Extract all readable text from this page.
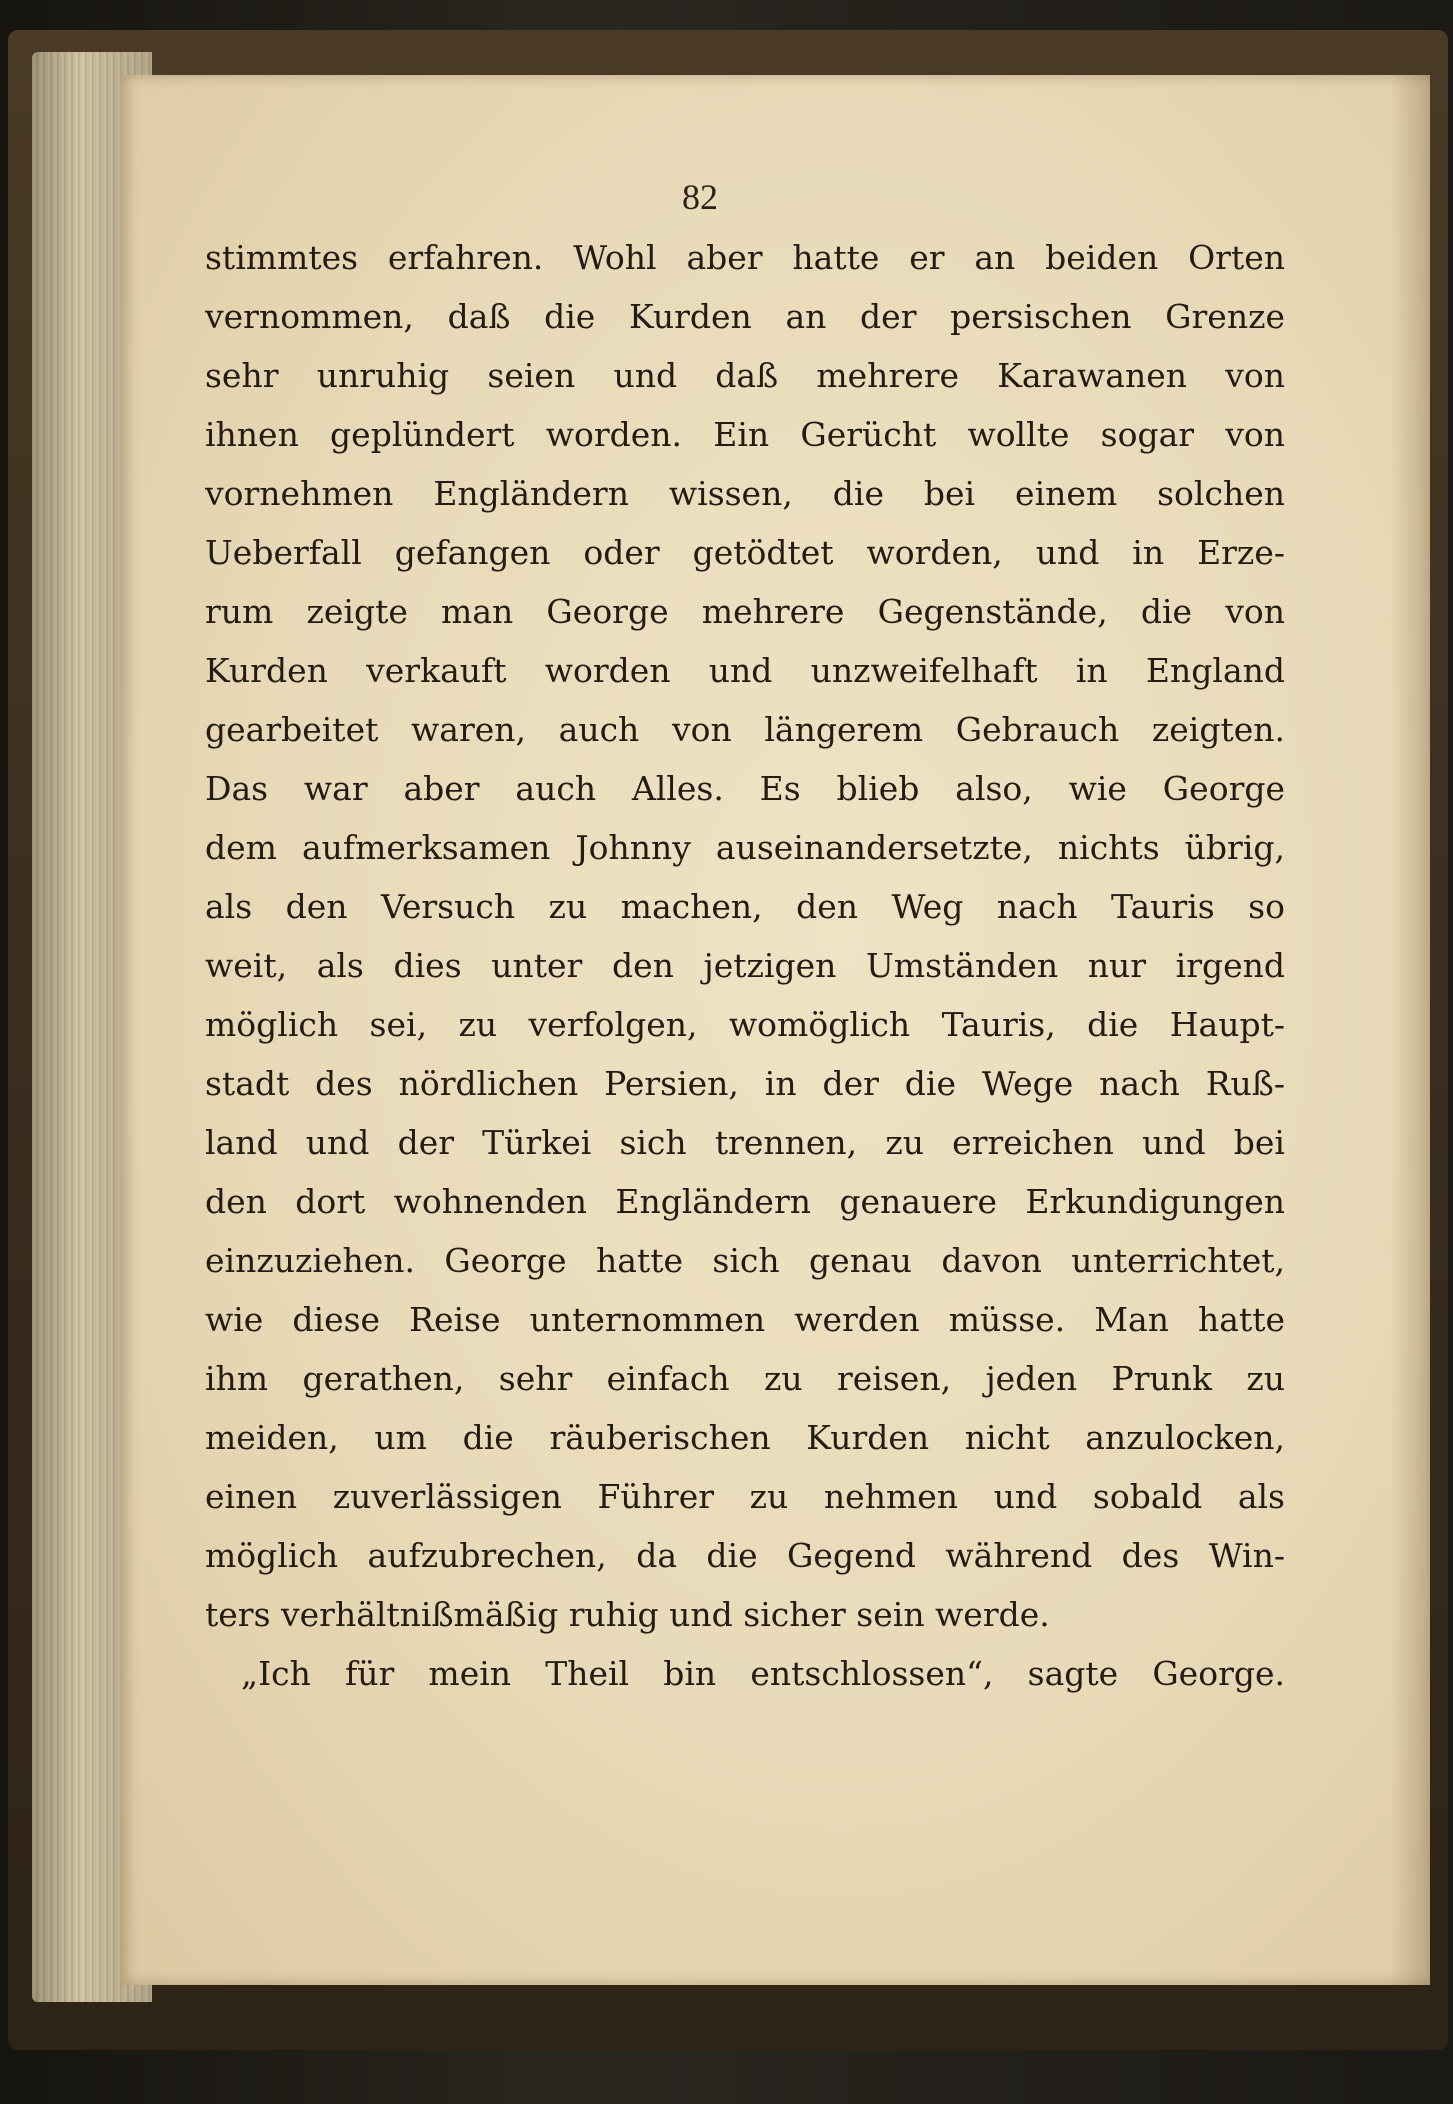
82
stimmtes erfahren. Wohl aber hatte er an beiden Orten
vernommen, daß die Kurden an der persischen Grenze
sehr unruhig seien und daß mehrere Karawanen von
ihnen geplündert worden. Ein Gerücht wollte sogar von
vornehmen Engländern wissen, die bei einem solchen
Ueberfall gefangen oder getödtet worden, und in Erze-
rum zeigte man George mehrere Gegenstände, die von
Kurden verkauft worden und unzweifelhaft in England
gearbeitet waren, auch von längerem Gebrauch zeigten.
Das war aber auch Alles. Es blieb also, wie George
dem aufmerksamen Johnny auseinandersetzte, nichts übrig,
als den Versuch zu machen, den Weg nach Tauris so
weit, als dies unter den jetzigen Umständen nur irgend
möglich sei, zu verfolgen, womöglich Tauris, die Haupt-
stadt des nördlichen Persien, in der die Wege nach Ruß-
land und der Türkei sich trennen, zu erreichen und bei
den dort wohnenden Engländern genauere Erkundigungen
einzuziehen. George hatte sich genau davon unterrichtet,
wie diese Reise unternommen werden müsse. Man hatte
ihm gerathen, sehr einfach zu reisen, jeden Prunk zu
meiden, um die räuberischen Kurden nicht anzulocken,
einen zuverlässigen Führer zu nehmen und sobald als
möglich aufzubrechen, da die Gegend während des Win-
ters verhältnißmäßig ruhig und sicher sein werde.
„Ich für mein Theil bin entschlossen“, sagte George.
